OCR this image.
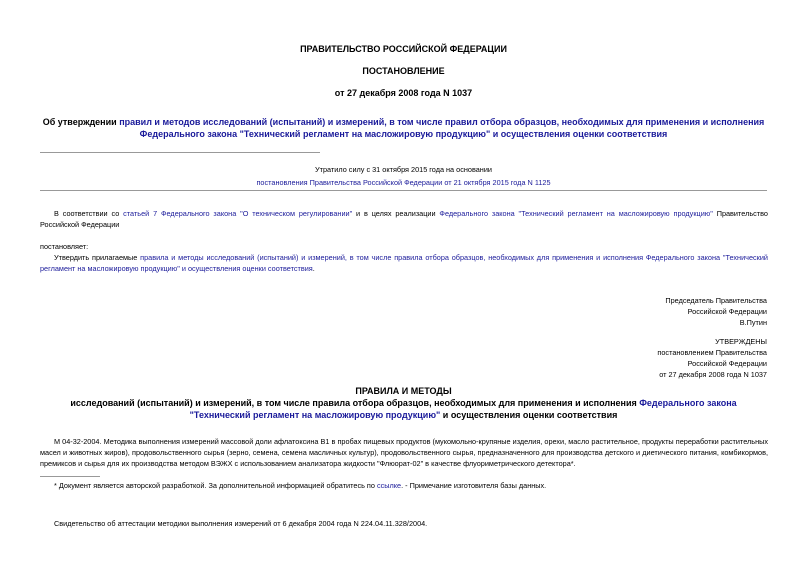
ПРАВИТЕЛЬСТВО РОССИЙСКОЙ ФЕДЕРАЦИИ
ПОСТАНОВЛЕНИЕ
от 27 декабря 2008 года N 1037
Об утверждении правил и методов исследований (испытаний) и измерений, в том числе правил отбора образцов, необходимых для применения и исполнения Федерального закона "Технический регламент на масложировую продукцию" и осуществления оценки соответствия
Утратило силу с 31 октября 2015 года на основании
постановления Правительства Российской Федерации от 21 октября 2015 года N 1125
В соответствии со статьей 7 Федерального закона "О техническом регулировании" и в целях реализации Федерального закона "Технический регламент на масложировую продукцию" Правительство Российской Федерации
постановляет:
Утвердить прилагаемые правила и методы исследований (испытаний) и измерений, в том числе правила отбора образцов, необходимых для применения и исполнения Федерального закона "Технический регламент на масложировую продукцию" и осуществления оценки соответствия.
Председатель Правительства
Российской Федерации
В.Путин
УТВЕРЖДЕНЫ
постановлением Правительства
Российской Федерации
от 27 декабря 2008 года N 1037
ПРАВИЛА И МЕТОДЫ
исследований (испытаний) и измерений, в том числе правила отбора образцов, необходимых для применения и исполнения Федерального закона "Технический регламент на масложировую продукцию" и осуществления оценки соответствия
М 04-32-2004. Методика выполнения измерений массовой доли афлатоксина В1 в пробах пищевых продуктов (мукомольно-крупяные изделия, орехи, масло растительное, продукты переработки растительных масел и животных жиров), продовольственного сырья (зерно, семена, семена масличных культур), продовольственного сырья, предназначенного для производства детского и диетического питания, комбикормов, премиксов и сырья для их производства методом ВЭЖХ с использованием анализатора жидкости "Флюорат-02" в качестве флуориметрического детектора*.
* Документ является авторской разработкой. За дополнительной информацией обратитесь по ссылке. - Примечание изготовителя базы данных.
Свидетельство об аттестации методики выполнения измерений от 6 декабря 2004 года N 224.04.11.328/2004.
